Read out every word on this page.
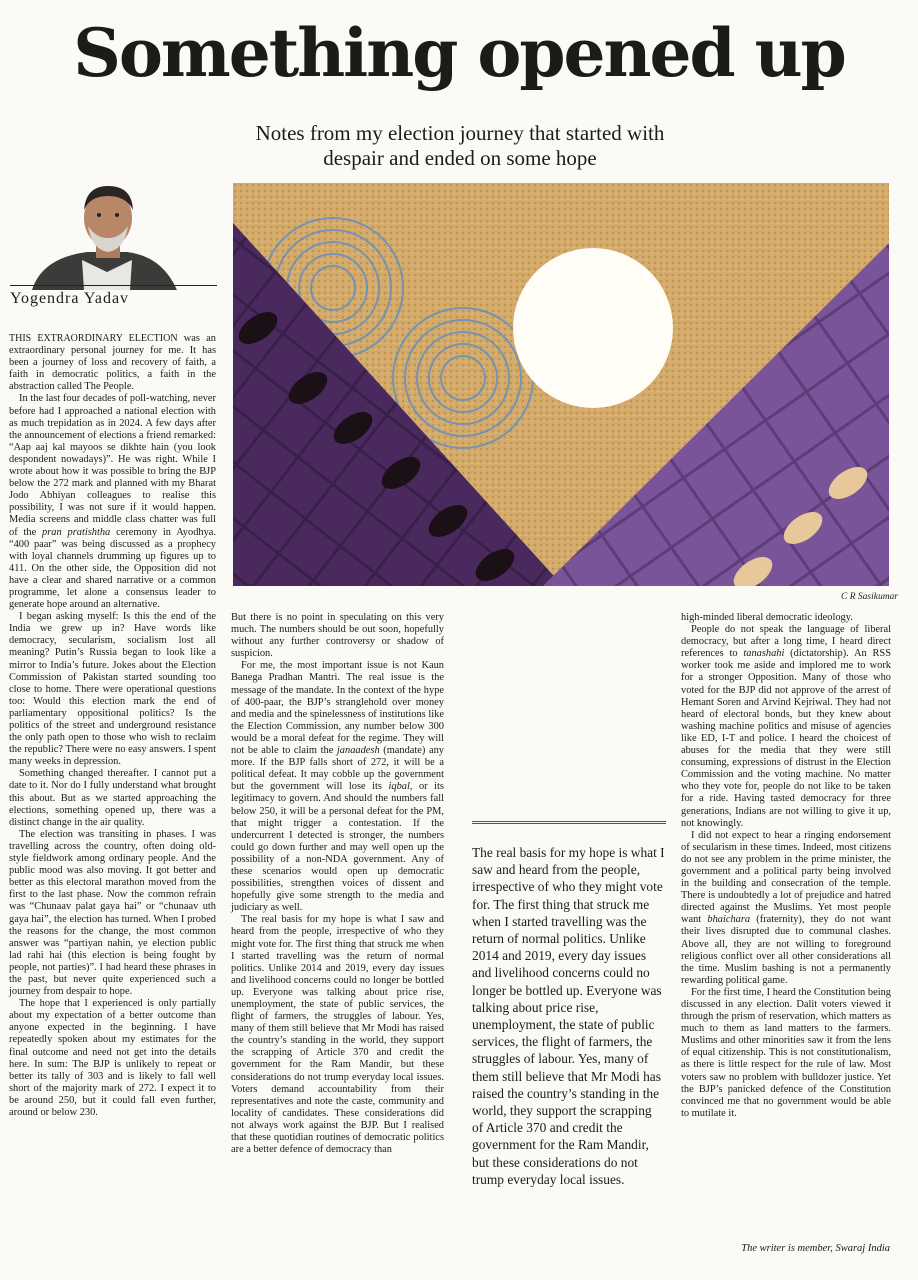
Something opened up
Notes from my election journey that started with despair and ended on some hope
Yogendra Yadav
C R Sasikumar

THIS EXTRAORDINARY ELECTION was an extraordinary personal journey for me. It has been a journey of loss and recovery of faith, a faith in democratic politics, a faith in the abstraction called The People.

In the last four decades of poll-watching, never before had I approached a national election with as much trepidation as in 2024. A few days after the announcement of elections a friend remarked: “Aap aaj kal mayoos se dikhte hain (you look despondent nowadays)”. He was right. While I wrote about how it was possible to bring the BJP below the 272 mark and planned with my Bharat Jodo Abhiyan colleagues to realise this possibility, I was not sure if it would happen. Media screens and middle class chatter was full of the pran pratishtha ceremony in Ayodhya. “400 paar” was being discussed as a prophecy with loyal channels drumming up figures up to 411. On the other side, the Opposition did not have a clear and shared narrative or a common programme, let alone a consensus leader to generate hope around an alternative.

I began asking myself: Is this the end of the India we grew up in? Have words like democracy, secularism, socialism lost all meaning? Putin’s Russia began to look like a mirror to India’s future. Jokes about the Election Commission of Pakistan started sounding too close to home. There were operational questions too: Would this election mark the end of parliamentary oppositional politics? Is the politics of the street and underground resistance the only path open to those who wish to reclaim the republic? There were no easy answers. I spent many weeks in depression.

Something changed thereafter. I cannot put a date to it. Nor do I fully understand what brought this about. But as we started approaching the elections, something opened up, there was a distinct change in the air quality.

The election was transiting in phases. I was travelling across the country, often doing old-style fieldwork among ordinary people. And the public mood was also moving. It got better and better as this electoral marathon moved from the first to the last phase. Now the common refrain was “Chunaav palat gaya hai” or “chunaav uth gaya hai”, the election has turned. When I probed the reasons for the change, the most common answer was “partiyan nahin, ye election public lad rahi hai (this election is being fought by people, not parties)”. I had heard these phrases in the past, but never quite experienced such a journey from despair to hope.

The hope that I experienced is only partially about my expectation of a better outcome than anyone expected in the beginning. I have repeatedly spoken about my estimates for the final outcome and need not get into the details here. In sum: The BJP is unlikely to repeat or better its tally of 303 and is likely to fall well short of the majority mark of 272. I expect it to be around 250, but it could fall even further, around or below 230.

But there is no point in speculating on this very much. The numbers should be out soon, hopefully without any further controversy or shadow of suspicion.

For me, the most important issue is not Kaun Banega Pradhan Mantri. The real issue is the message of the mandate. In the context of the hype of 400-paar, the BJP’s stranglehold over money and media and the spinelessness of institutions like the Election Commission, any number below 300 would be a moral defeat for the regime. They will not be able to claim the janaadesh (mandate) any more. If the BJP falls short of 272, it will be a political defeat. It may cobble up the government but the government will lose its iqbal, or its legitimacy to govern. And should the numbers fall below 250, it will be a personal defeat for the PM, that might trigger a contestation. If the undercurrent I detected is stronger, the numbers could go down further and may well open up the possibility of a non-NDA government. Any of these scenarios would open up democratic possibilities, strengthen voices of dissent and hopefully give some strength to the media and judiciary as well.

The real basis for my hope is what I saw and heard from the people, irrespective of who they might vote for. The first thing that struck me when I started travelling was the return of normal politics. Unlike 2014 and 2019, every day issues and livelihood concerns could no longer be bottled up. Everyone was talking about price rise, unemployment, the state of public services, the flight of farmers, the struggles of labour. Yes, many of them still believe that Mr Modi has raised the country’s standing in the world, they support the scrapping of Article 370 and credit the government for the Ram Mandir, but these considerations do not trump everyday local issues. Voters demand accountability from their representatives and note the caste, community and locality of candidates. These considerations did not always work against the BJP. But I realised that these quotidian routines of democratic politics are a better defence of democracy than

The real basis for my hope is what I saw and heard from the people, irrespective of who they might vote for. The first thing that struck me when I started travelling was the return of normal politics. Unlike 2014 and 2019, every day issues and livelihood concerns could no longer be bottled up. Everyone was talking about price rise, unemployment, the state of public services, the flight of farmers, the struggles of labour. Yes, many of them still believe that Mr Modi has raised the country’s standing in the world, they support the scrapping of Article 370 and credit the government for the Ram Mandir, but these considerations do not trump everyday local issues.

high-minded liberal democratic ideology.

People do not speak the language of liberal democracy, but after a long time, I heard direct references to tanashahi (dictatorship). An RSS worker took me aside and implored me to work for a stronger Opposition. Many of those who voted for the BJP did not approve of the arrest of Hemant Soren and Arvind Kejriwal. They had not heard of electoral bonds, but they knew about washing machine politics and misuse of agencies like ED, I-T and police. I heard the choicest of abuses for the media that they were still consuming, expressions of distrust in the Election Commission and the voting machine. No matter who they vote for, people do not like to be taken for a ride. Having tasted democracy for three generations, Indians are not willing to give it up, not knowingly.

I did not expect to hear a ringing endorsement of secularism in these times. Indeed, most citizens do not see any problem in the prime minister, the government and a political party being involved in the building and consecration of the temple. There is undoubtedly a lot of prejudice and hatred directed against the Muslims. Yet most people want bhaichara (fraternity), they do not want their lives disrupted due to communal clashes. Above all, they are not willing to foreground religious conflict over all other considerations all the time. Muslim bashing is not a permanently rewarding political game.

For the first time, I heard the Constitution being discussed in any election. Dalit voters viewed it through the prism of reservation, which matters as much to them as land matters to the farmers. Muslims and other minorities saw it from the lens of equal citizenship. This is not constitutionalism, as there is little respect for the rule of law. Most voters saw no problem with bulldozer justice. Yet the BJP’s panicked defence of the Constitution convinced me that no government would be able to mutilate it.

The writer is member, Swaraj India
